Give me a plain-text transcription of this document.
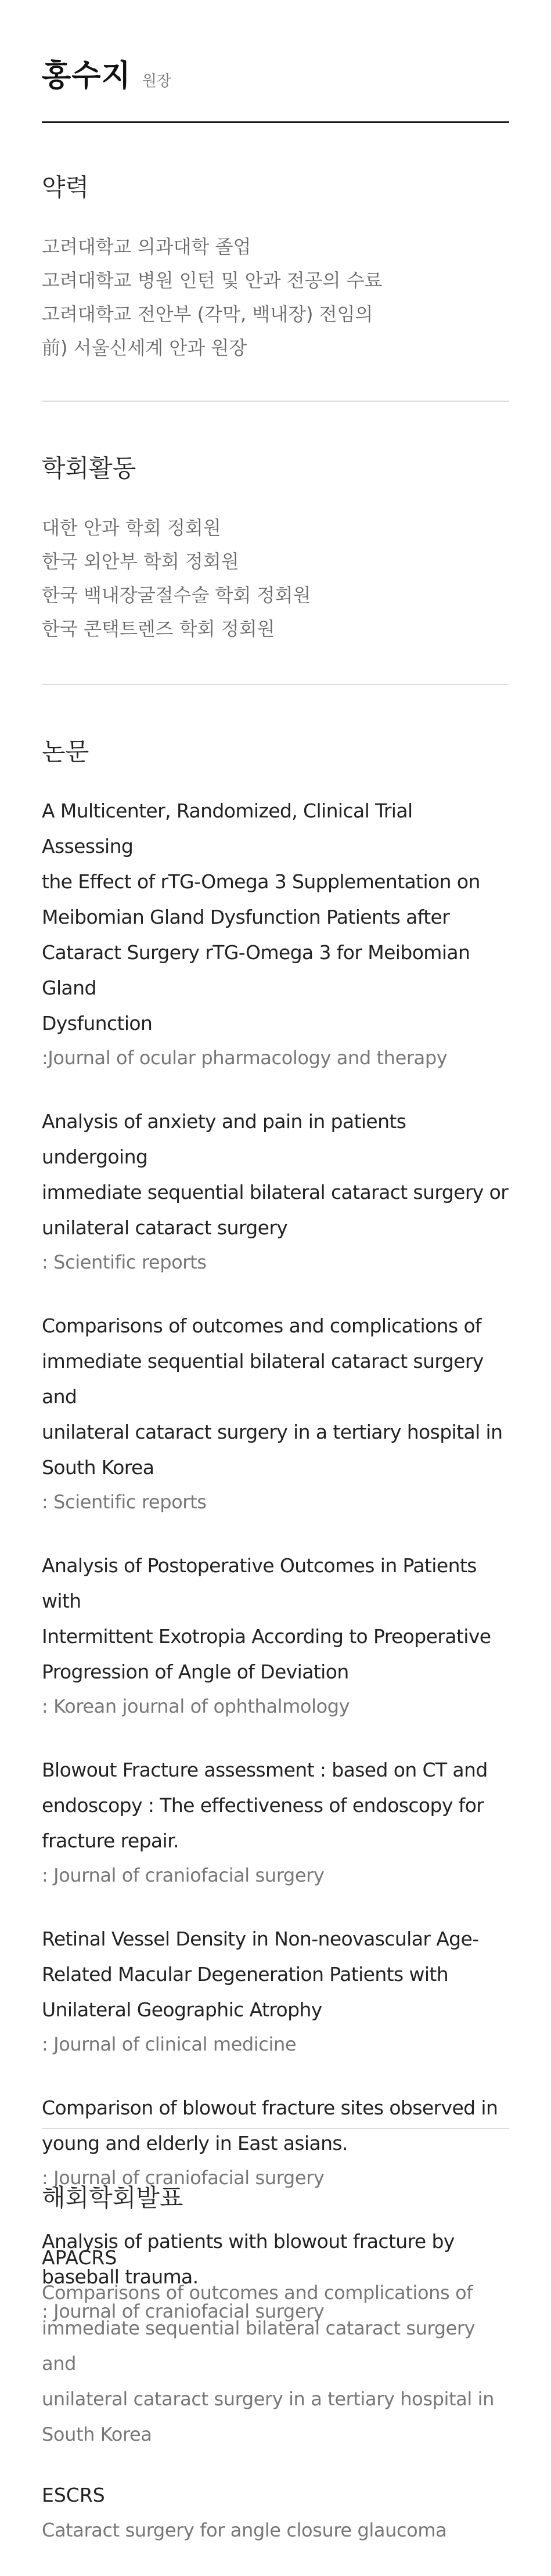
홍수지 원장
약력
고려대학교 의과대학 졸업
고려대학교 병원 인턴 및 안과 전공의 수료
고려대학교 전안부 (각막, 백내장) 전임의
前) 서울신세계 안과 원장
학회활동
대한 안과 학회 정회원
한국 외안부 학회 정회원
한국 백내장굴절수술 학회 정회원
한국 콘택트렌즈 학회 정회원
논문
A Multicenter, Randomized, Clinical Trial Assessing
the Effect of rTG-Omega 3 Supplementation on
Meibomian Gland Dysfunction Patients after
Cataract Surgery rTG-Omega 3 for Meibomian Gland
Dysfunction
:Journal of ocular pharmacology and therapy
Analysis of anxiety and pain in patients undergoing
immediate sequential bilateral cataract surgery or
unilateral cataract surgery
: Scientific reports
Comparisons of outcomes and complications of
immediate sequential bilateral cataract surgery and
unilateral cataract surgery in a tertiary hospital in
South Korea
: Scientific reports
Analysis of Postoperative Outcomes in Patients with
Intermittent Exotropia According to Preoperative
Progression of Angle of Deviation
: Korean journal of ophthalmology
Blowout Fracture assessment : based on CT and
endoscopy : The effectiveness of endoscopy for
fracture repair.
: Journal of craniofacial surgery
Retinal Vessel Density in Non-neovascular Age-
Related Macular Degeneration Patients with
Unilateral Geographic Atrophy
: Journal of clinical medicine
Comparison of blowout fracture sites observed in
young and elderly in East asians.
: Journal of craniofacial surgery
Analysis of patients with blowout fracture by
baseball trauma.
: Journal of craniofacial surgery
해회학회발표
APACRS
Comparisons of outcomes and complications of
immediate sequential bilateral cataract surgery and
unilateral cataract surgery in a tertiary hospital in
South Korea
ESCRS
Cataract surgery for angle closure glaucoma
